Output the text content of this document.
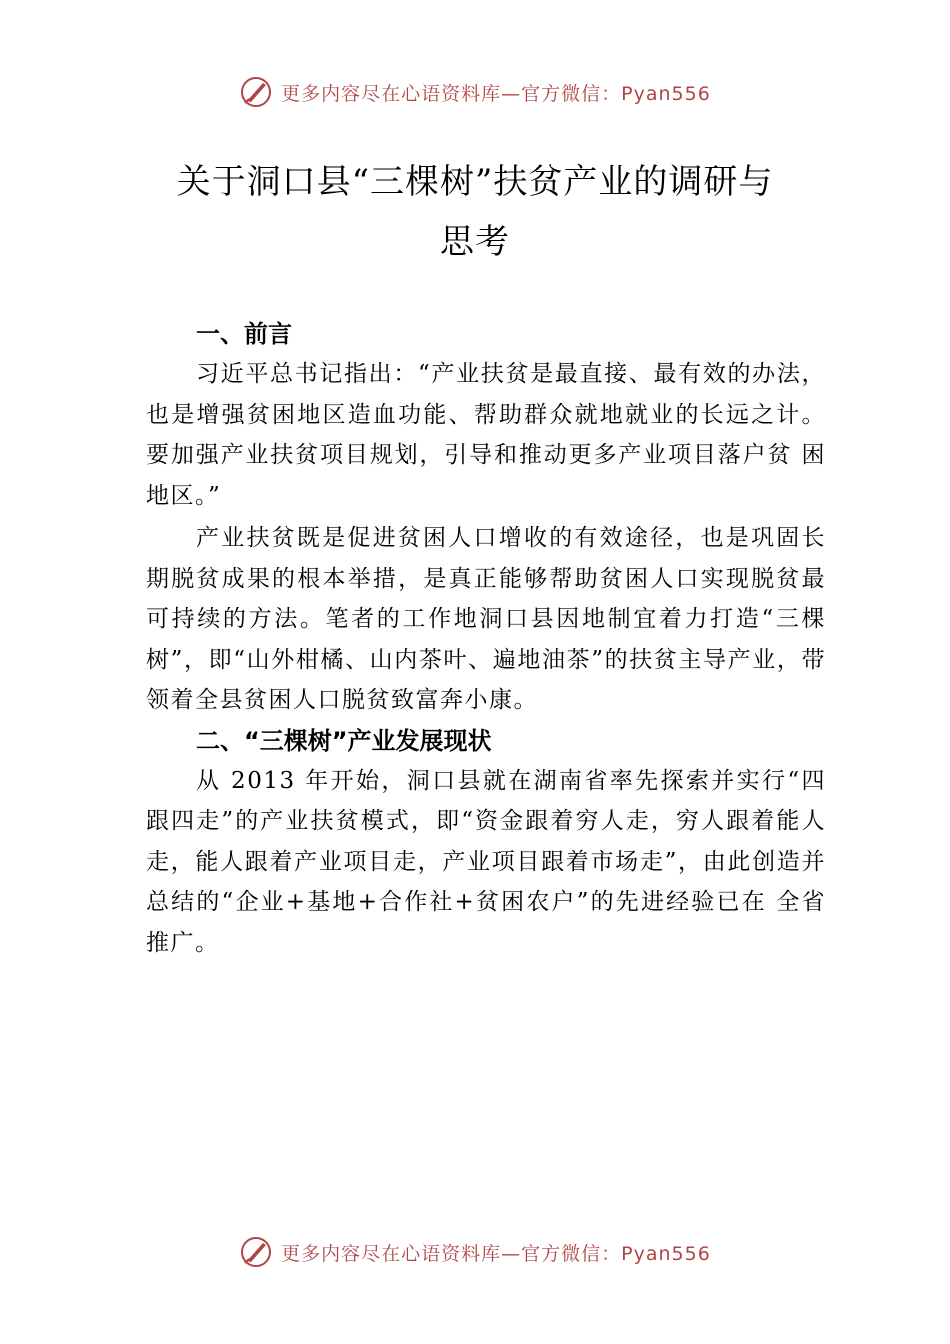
更多内容尽在心语资料库—官方微信：Pyan556
关于洞口县“三棵树”扶贫产业的调研与
思考

一、前言

习近平总书记指出：“产业扶贫是最直接、最有效的办法，也是增强贫困地区造血功能、帮助群众就地就业的长远之计。要加强产业扶贫项目规划，引导和推动更多产业项目落户贫 困地区。”

产业扶贫既是促进贫困人口增收的有效途径，也是巩固长期脱贫成果的根本举措，是真正能够帮助贫困人口实现脱贫最可持续的方法。笔者的工作地洞口县因地制宜着力打造“三棵树”，即“山外柑橘、山内茶叶、遍地油茶”的扶贫主导产业，带领着全县贫困人口脱贫致富奔小康。

二、“三棵树”产业发展现状

从 2013 年开始，洞口县就在湖南省率先探索并实行“四跟四走”的产业扶贫模式，即“资金跟着穷人走，穷人跟着能人走，能人跟着产业项目走，产业项目跟着市场走”，由此创造并总结的“企业+基地+合作社+贫困农户”的先进经验已在 全省推广。

更多内容尽在心语资料库—官方微信：Pyan556
